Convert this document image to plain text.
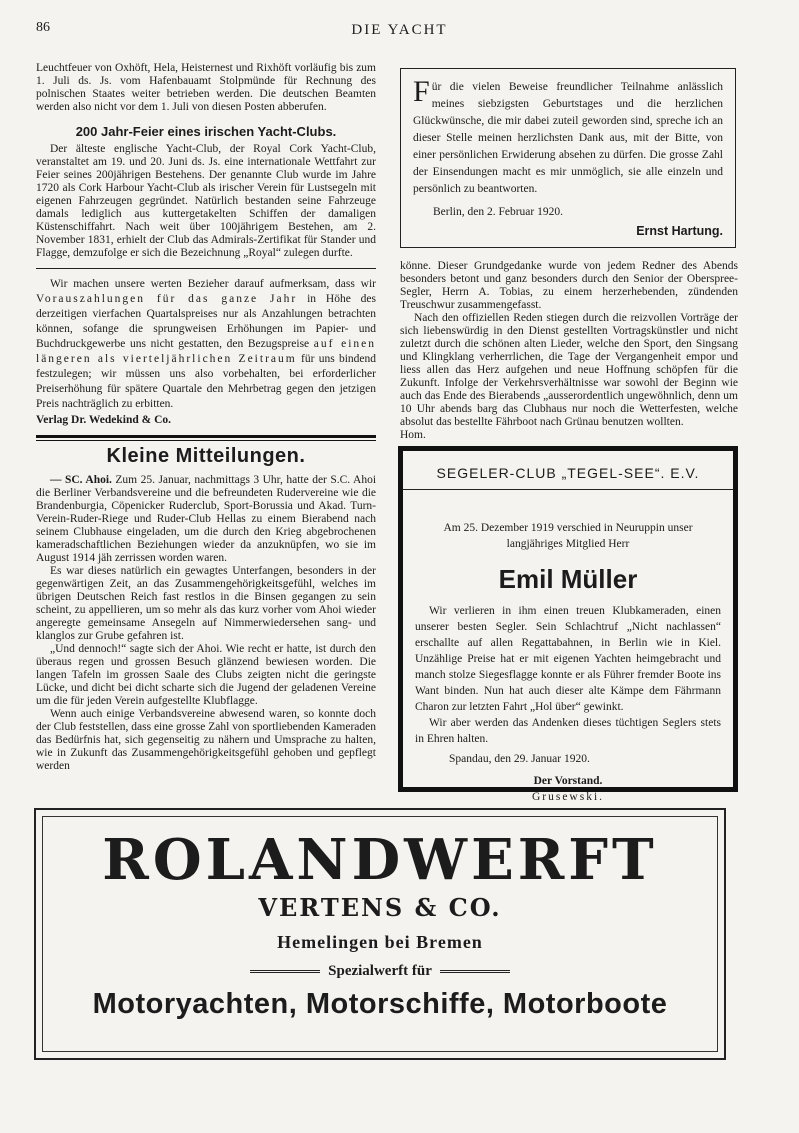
86	DIE YACHT

Leuchtfeuer von Oxhöft, Hela, Heisternest und Rixhöft vorläufig bis zum 1. Juli ds. Js. vom Hafenbauamt Stolpmünde für Rechnung des polnischen Staates weiter betrieben werden. Die deutschen Beamten werden also nicht vor dem 1. Juli von diesen Posten abberufen.

200 Jahr-Feier eines irischen Yacht-Clubs.

Der älteste englische Yacht-Club, der Royal Cork Yacht-Club, veranstaltet am 19. und 20. Juni ds. Js. eine internationale Wettfahrt zur Feier seines 200jährigen Bestehens. Der genannte Club wurde im Jahre 1720 als Cork Harbour Yacht-Club als irischer Verein für Lustsegeln mit eigenen Fahrzeugen gegründet. Natürlich bestanden seine Fahrzeuge damals lediglich aus kuttergetakelten Schiffen der damaligen Küstenschiffahrt. Nach weit über 100jährigem Bestehen, am 2. November 1831, erhielt der Club das Admirals-Zertifikat für Stander und Flagge, demzufolge er sich die Bezeichnung „Royal“ zulegen durfte.

Wir machen unsere werten Bezieher darauf aufmerksam, dass wir Vorauszahlungen für das ganze Jahr in Höhe des derzeitigen vierfachen Quartalspreises nur als Anzahlungen betrachten können, sofange die sprungweisen Erhöhungen im Papier- und Buchdruckgewerbe uns nicht gestatten, den Bezugspreise auf einen längeren als vierteljährlichen Zeitraum für uns bindend festzulegen; wir müssen uns also vorbehalten, bei erforderlicher Preiserhöhung für spätere Quartale den Mehrbetrag gegen den jetzigen Preis nachträglich zu erbitten.

Verlag Dr. Wedekind & Co.

Kleine Mitteilungen.

— SC. Ahoi. Zum 25. Januar, nachmittags 3 Uhr, hatte der S.C. Ahoi die Berliner Verbandsvereine und die befreundeten Rudervereine wie die Brandenburgia, Cöpenicker Ruderclub, Sport-Borussia und Akad. Turn-Verein-Ruder-Riege und Ruder-Club Hellas zu einem Bierabend nach seinem Clubhause eingeladen, um die durch den Krieg abgebrochenen kameradschaftlichen Beziehungen wieder da anzuknüpfen, wo sie im August 1914 jäh zerrissen worden waren.

Es war dieses natürlich ein gewagtes Unterfangen, besonders in der gegenwärtigen Zeit, an das Zusammengehörigkeitsgefühl, welches im übrigen Deutschen Reich fast restlos in die Binsen gegangen zu sein scheint, zu appellieren, um so mehr als das kurz vorher vom Ahoi wieder angeregte gemeinsame Ansegeln auf Nimmerwiedersehen sang- und klanglos zur Grube gefahren ist.

„Und dennoch!“ sagte sich der Ahoi. Wie recht er hatte, ist durch den überaus regen und grossen Besuch glänzend bewiesen worden. Die langen Tafeln im grossen Saale des Clubs zeigten nicht die geringste Lücke, und dicht bei dicht scharte sich die Jugend der geladenen Vereine um die für jeden Verein aufgestellte Klubflagge.

Wenn auch einige Verbandsvereine abwesend waren, so konnte doch der Club feststellen, dass eine grosse Zahl von sportliebenden Kameraden das Bedürfnis hat, sich gegenseitig zu nähern und Umsprache zu halten, wie in Zukunft das Zusammengehörigkeitsgefühl gehoben und gepflegt werden

Für die vielen Beweise freundlicher Teilnahme anlässlich meines siebzigsten Geburtstages und die herzlichen Glückwünsche, die mir dabei zuteil geworden sind, spreche ich an dieser Stelle meinen herzlichsten Dank aus, mit der Bitte, von einer persönlichen Erwiderung absehen zu dürfen. Die grosse Zahl der Einsendungen macht es mir unmöglich, sie alle einzeln und persönlich zu beantworten.

Berlin, den 2. Februar 1920.

Ernst Hartung.

könne. Dieser Grundgedanke wurde von jedem Redner des Abends besonders betont und ganz besonders durch den Senior der Oberspree-Segler, Herrn A. Tobias, zu einem herzerhebenden, zündenden Treuschwur zusammengefasst.

Nach den offiziellen Reden stiegen durch die reizvollen Vorträge der sich liebenswürdig in den Dienst gestellten Vortragskünstler und nicht zuletzt durch die schönen alten Lieder, welche den Sport, den Singsang und Klingklang verherrlichen, die Tage der Vergangenheit empor und liess allen das Herz aufgehen und neue Hoffnung schöpfen für die Zukunft. Infolge der Verkehrsverhältnisse war sowohl der Beginn wie auch das Ende des Bierabends „ausserordentlich ungewöhnlich, denn um 10 Uhr abends barg das Clubhaus nur noch die Wetterfesten, welche absolut das bestellte Fährboot nach Grünau benutzen wollten.

Hom.

SEGELER-CLUB „TEGEL-SEE“. E.V.

Am 25. Dezember 1919 verschied in Neuruppin unser langjähriges Mitglied Herr

Emil Müller

Wir verlieren in ihm einen treuen Klubkameraden, einen unserer besten Segler. Sein Schlachtruf „Nicht nachlassen“ erschallte auf allen Regattabahnen, in Berlin wie in Kiel. Unzählige Preise hat er mit eigenen Yachten heimgebracht und manch stolze Siegesflagge konnte er als Führer fremder Boote ins Want binden. Nun hat auch dieser alte Kämpe dem Fährmann Charon zur letzten Fahrt „Hol über“ gewinkt.

Wir aber werden das Andenken dieses tüchtigen Seglers stets in Ehren halten.

Spandau, den 29. Januar 1920.

Der Vorstand.

Grusewski.

ROLANDWERFT
VERTENS & CO.
Hemelingen bei Bremen
Spezialwerft für
Motoryachten, Motorschiffe, Motorboote
